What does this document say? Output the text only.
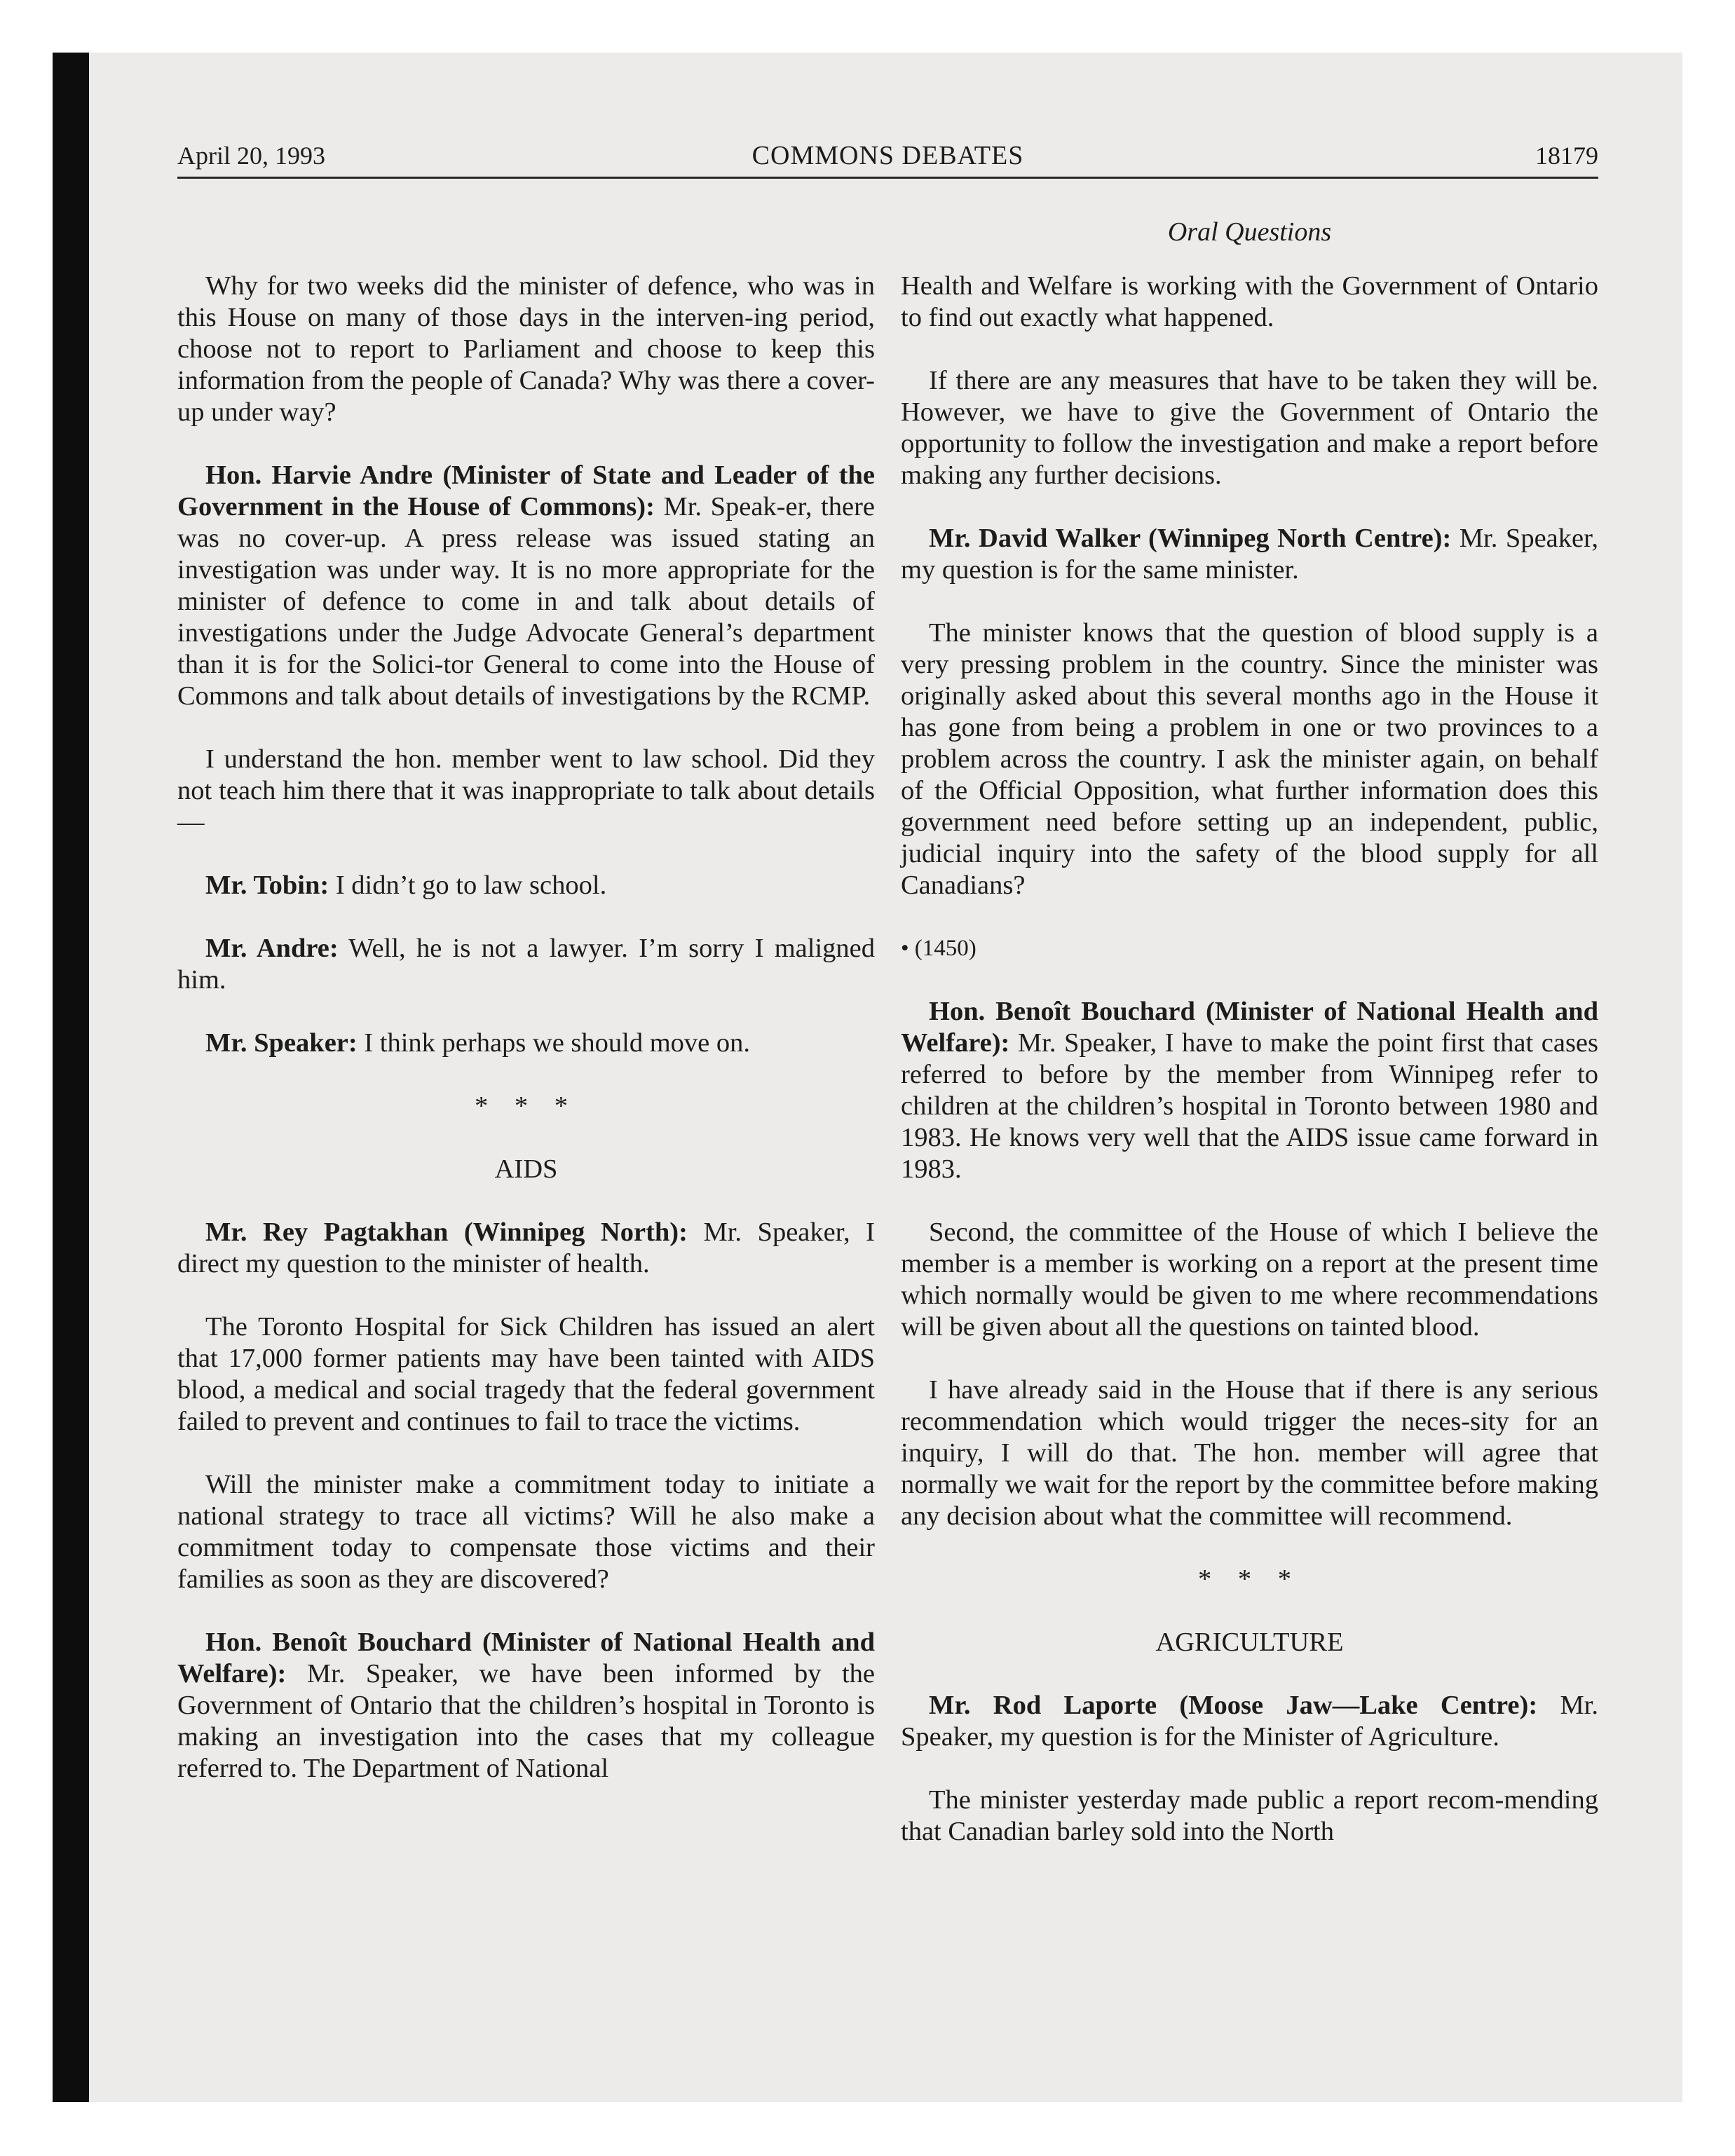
April 20, 1993	COMMONS DEBATES	18179
Oral Questions

Why for two weeks did the minister of defence, who was in this House on many of those days in the interven-ing period, choose not to report to Parliament and choose to keep this information from the people of Canada? Why was there a cover-up under way?

Hon. Harvie Andre (Minister of State and Leader of the Government in the House of Commons): Mr. Speak-er, there was no cover-up. A press release was issued stating an investigation was under way. It is no more appropriate for the minister of defence to come in and talk about details of investigations under the Judge Advocate General’s department than it is for the Solici-tor General to come into the House of Commons and talk about details of investigations by the RCMP.

I understand the hon. member went to law school. Did they not teach him there that it was inappropriate to talk about details—

Mr. Tobin: I didn’t go to law school.

Mr. Andre: Well, he is not a lawyer. I’m sorry I maligned him.

Mr. Speaker: I think perhaps we should move on.

* * *
AIDS

Mr. Rey Pagtakhan (Winnipeg North): Mr. Speaker, I direct my question to the minister of health.

The Toronto Hospital for Sick Children has issued an alert that 17,000 former patients may have been tainted with AIDS blood, a medical and social tragedy that the federal government failed to prevent and continues to fail to trace the victims.

Will the minister make a commitment today to initiate a national strategy to trace all victims? Will he also make a commitment today to compensate those victims and their families as soon as they are discovered?

Hon. Benoît Bouchard (Minister of National Health and Welfare): Mr. Speaker, we have been informed by the Government of Ontario that the children’s hospital in Toronto is making an investigation into the cases that my colleague referred to. The Department of National

Health and Welfare is working with the Government of Ontario to find out exactly what happened.

If there are any measures that have to be taken they will be. However, we have to give the Government of Ontario the opportunity to follow the investigation and make a report before making any further decisions.

Mr. David Walker (Winnipeg North Centre): Mr. Speaker, my question is for the same minister.

The minister knows that the question of blood supply is a very pressing problem in the country. Since the minister was originally asked about this several months ago in the House it has gone from being a problem in one or two provinces to a problem across the country. I ask the minister again, on behalf of the Official Opposition, what further information does this government need before setting up an independent, public, judicial inquiry into the safety of the blood supply for all Canadians?

• (1450)

Hon. Benoît Bouchard (Minister of National Health and Welfare): Mr. Speaker, I have to make the point first that cases referred to before by the member from Winnipeg refer to children at the children’s hospital in Toronto between 1980 and 1983. He knows very well that the AIDS issue came forward in 1983.

Second, the committee of the House of which I believe the member is a member is working on a report at the present time which normally would be given to me where recommendations will be given about all the questions on tainted blood.

I have already said in the House that if there is any serious recommendation which would trigger the neces-sity for an inquiry, I will do that. The hon. member will agree that normally we wait for the report by the committee before making any decision about what the committee will recommend.

* * *
AGRICULTURE

Mr. Rod Laporte (Moose Jaw—Lake Centre): Mr. Speaker, my question is for the Minister of Agriculture.

The minister yesterday made public a report recom-mending that Canadian barley sold into the North
